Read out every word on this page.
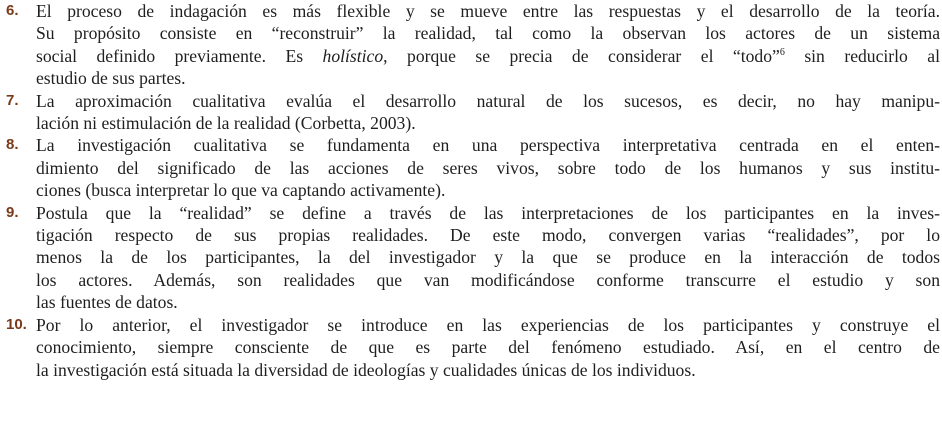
6. El proceso de indagación es más flexible y se mueve entre las respuestas y el desarrollo de la teoría.
Su propósito consiste en “reconstruir” la realidad, tal como la observan los actores de un sistema
social definido previamente. Es holístico, porque se precia de considerar el “todo”$^6$ sin reducirlo al
estudio de sus partes.
7. La aproximación cualitativa evalúa el desarrollo natural de los sucesos, es decir, no hay manipu-
lación ni estimulación de la realidad (Corbetta, 2003).
8. La investigación cualitativa se fundamenta en una perspectiva interpretativa centrada en el enten-
dimiento del significado de las acciones de seres vivos, sobre todo de los humanos y sus institu-
ciones (busca interpretar lo que va captando activamente).
9. Postula que la “realidad” se define a través de las interpretaciones de los participantes en la inves-
tigación respecto de sus propias realidades. De este modo, convergen varias “realidades”, por lo
menos la de los participantes, la del investigador y la que se produce en la interacción de todos
los actores. Además, son realidades que van modificándose conforme transcurre el estudio y son
las fuentes de datos.
10. Por lo anterior, el investigador se introduce en las experiencias de los participantes y construye el
conocimiento, siempre consciente de que es parte del fenómeno estudiado. Así, en el centro de
la investigación está situada la diversidad de ideologías y cualidades únicas de los individuos.
